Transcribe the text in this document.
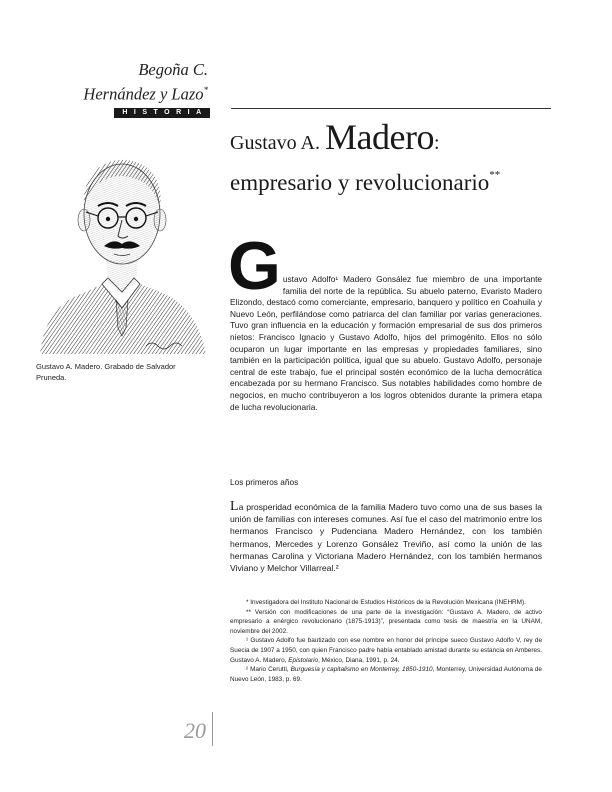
Begoña C.
Hernández y Lazo*
HISTORIA
Gustavo A. Madero:
empresario y revolucionario**
Gustavo A. Madero. Grabado de Salvador Pruneda.

Gustavo Adolfo¹ Madero Gonsález fue miembro de una importante familia del norte de la república. Su abuelo paterno, Evaristo Madero Elizondo, destacó como comerciante, empresario, banquero y político en Coahuila y Nuevo León, perfilándose como patriarca del clan familiar por varias generaciones. Tuvo gran influencia en la educación y formación empresarial de sus dos primeros nietos: Francisco Ignacio y Gustavo Adolfo, hijos del primogénito. Ellos no sólo ocuparon un lugar importante en las empresas y propiedades familiares, sino también en la participación política, igual que su abuelo. Gustavo Adolfo, personaje central de este trabajo, fue el principal sostén económico de la lucha democrática encabezada por su hermano Francisco. Sus notables habilidades como hombre de negocios, en mucho contribuyeron a los logros obtenidos durante la primera etapa de lucha revolucionaria.

Los primeros años

La prosperidad económica de la familia Madero tuvo como una de sus bases la unión de familias con intereses comunes. Así fue el caso del matrimonio entre los hermanos Francisco y Pudenciana Madero Hernández, con los también hermanos, Mercedes y Lorenzo Gonsález Treviño, así como la unión de las hermanas Carolina y Victoriana Madero Hernández, con los también hermanos Viviano y Melchor Villarreal.²

* Investigadora del Instituto Nacional de Estudios Históricos de la Revolución Mexicana (INEHRM).

** Versión con modificaciones de una parte de la investigación: “Gustavo A. Madero, de activo empresario a enérgico revolucionario (1875-1913)”, presentada como tesis de maestría en la UNAM, noviembre del 2002.

¹ Gustavo Adolfo fue bautizado con ese nombre en honor del príncipe sueco Gustavo Adolfo V, rey de Suecia de 1907 a 1950, con quien Francisco padre había entablado amistad durante su estancia en Amberes. Gustavo A. Madero, Epistolario, México, Diana, 1991, p. 24.

² Mario Cerutti, Burguesía y capitalismo en Monterrey, 1850-1910, Monterrey, Universidad Autónoma de Nuevo León, 1983, p. 69.

20
